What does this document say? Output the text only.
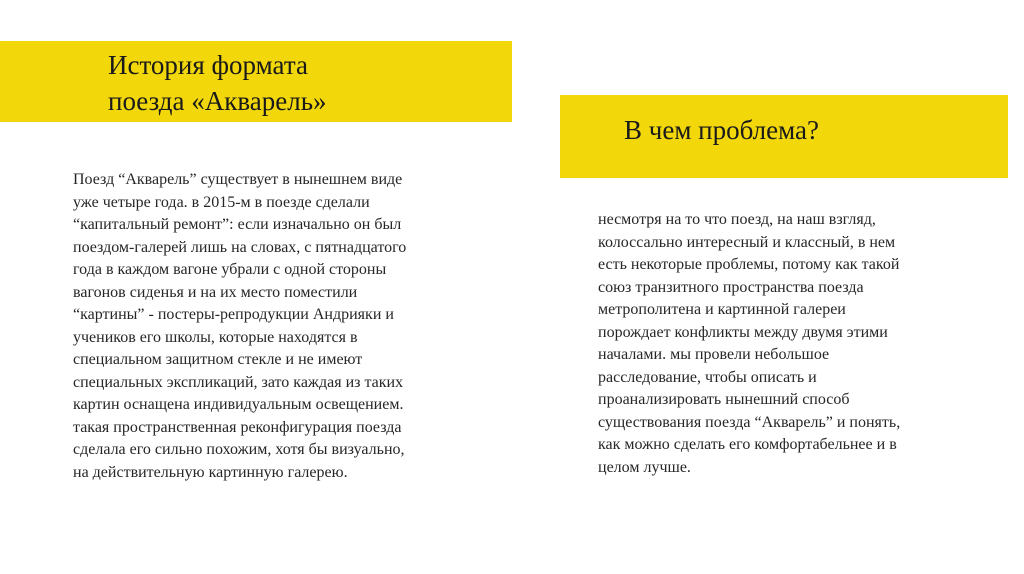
История формата
поезда «Акварель»
В чем проблема?
Поезд “Акварель” существует в нынешнем виде
уже четыре года. в 2015-м в поезде сделали
“капитальный ремонт”: если изначально он был
поездом-галерей лишь на словах, с пятнадцатого
года в каждом вагоне убрали с одной стороны
вагонов сиденья и на их место поместили
“картины” - постеры-репродукции Андрияки и
учеников его школы, которые находятся в
специальном защитном стекле и не имеют
специальных экспликаций, зато каждая из таких
картин оснащена индивидуальным освещением.
такая пространственная реконфигурация поезда
сделала его сильно похожим, хотя бы визуально,
на действительную картинную галерею.
несмотря на то что поезд, на наш взгляд,
колоссально интересный и классный, в нем
есть некоторые проблемы, потому как такой
союз транзитного пространства поезда
метрополитена и картинной галереи
порождает конфликты между двумя этими
началами. мы провели небольшое
расследование, чтобы описать и
проанализировать нынешний способ
существования поезда “Акварель” и понять,
как можно сделать его комфортабельнее и в
целом лучше.
